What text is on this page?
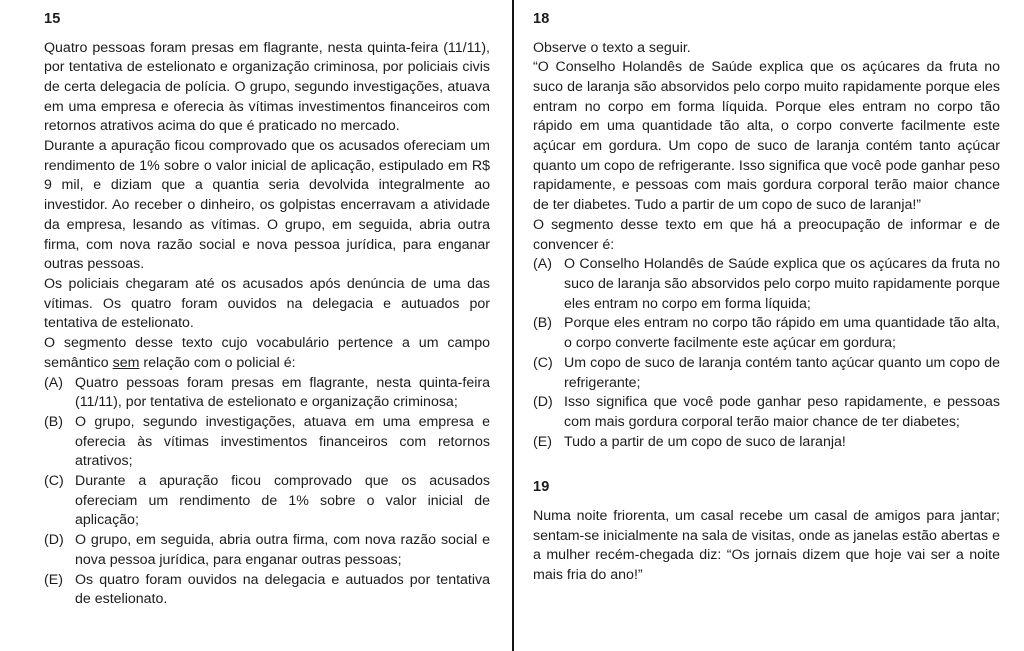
15

Quatro pessoas foram presas em flagrante, nesta quinta-feira (11/11), por tentativa de estelionato e organização criminosa, por policiais civis de certa delegacia de polícia. O grupo, segundo investigações, atuava em uma empresa e oferecia às vítimas investimentos financeiros com retornos atrativos acima do que é praticado no mercado.

Durante a apuração ficou comprovado que os acusados ofereciam um rendimento de 1% sobre o valor inicial de aplicação, estipulado em R$ 9 mil, e diziam que a quantia seria devolvida integralmente ao investidor. Ao receber o dinheiro, os golpistas encerravam a atividade da empresa, lesando as vítimas. O grupo, em seguida, abria outra firma, com nova razão social e nova pessoa jurídica, para enganar outras pessoas.

Os policiais chegaram até os acusados após denúncia de uma das vítimas. Os quatro foram ouvidos na delegacia e autuados por tentativa de estelionato.

O segmento desse texto cujo vocabulário pertence a um campo semântico sem relação com o policial é:

(A) Quatro pessoas foram presas em flagrante, nesta quinta-feira (11/11), por tentativa de estelionato e organização criminosa;
(B) O grupo, segundo investigações, atuava em uma empresa e oferecia às vítimas investimentos financeiros com retornos atrativos;
(C) Durante a apuração ficou comprovado que os acusados ofereciam um rendimento de 1% sobre o valor inicial de aplicação;
(D) O grupo, em seguida, abria outra firma, com nova razão social e nova pessoa jurídica, para enganar outras pessoas;
(E) Os quatro foram ouvidos na delegacia e autuados por tentativa de estelionato.
18

Observe o texto a seguir.

“O Conselho Holandês de Saúde explica que os açúcares da fruta no suco de laranja são absorvidos pelo corpo muito rapidamente porque eles entram no corpo em forma líquida. Porque eles entram no corpo tão rápido em uma quantidade tão alta, o corpo converte facilmente este açúcar em gordura. Um copo de suco de laranja contém tanto açúcar quanto um copo de refrigerante. Isso significa que você pode ganhar peso rapidamente, e pessoas com mais gordura corporal terão maior chance de ter diabetes. Tudo a partir de um copo de suco de laranja!”

O segmento desse texto em que há a preocupação de informar e de convencer é:

(A) O Conselho Holandês de Saúde explica que os açúcares da fruta no suco de laranja são absorvidos pelo corpo muito rapidamente porque eles entram no corpo em forma líquida;
(B) Porque eles entram no corpo tão rápido em uma quantidade tão alta, o corpo converte facilmente este açúcar em gordura;
(C) Um copo de suco de laranja contém tanto açúcar quanto um copo de refrigerante;
(D) Isso significa que você pode ganhar peso rapidamente, e pessoas com mais gordura corporal terão maior chance de ter diabetes;
(E) Tudo a partir de um copo de suco de laranja!
19

Numa noite friorenta, um casal recebe um casal de amigos para jantar; sentam-se inicialmente na sala de visitas, onde as janelas estão abertas e a mulher recém-chegada diz: “Os jornais dizem que hoje vai ser a noite mais fria do ano!”
